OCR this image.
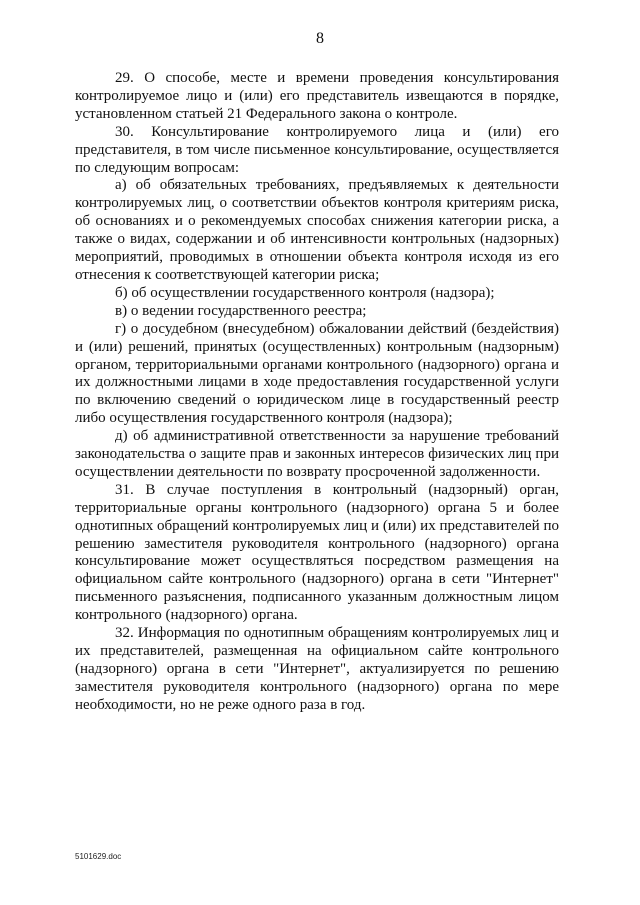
8

29. О способе, месте и времени проведения консультирования контролируемое лицо и (или) его представитель извещаются в порядке, установленном статьей 21 Федерального закона о контроле.

30. Консультирование контролируемого лица и (или) его представителя, в том числе письменное консультирование, осуществляется по следующим вопросам:

а) об обязательных требованиях, предъявляемых к деятельности контролируемых лиц, о соответствии объектов контроля критериям риска, об основаниях и о рекомендуемых способах снижения категории риска, а также о видах, содержании и об интенсивности контрольных (надзорных) мероприятий, проводимых в отношении объекта контроля исходя из его отнесения к соответствующей категории риска;

б) об осуществлении государственного контроля (надзора);

в) о ведении государственного реестра;

г) о досудебном (внесудебном) обжаловании действий (бездействия) и (или) решений, принятых (осуществленных) контрольным (надзорным) органом, территориальными органами контрольного (надзорного) органа и их должностными лицами в ходе предоставления государственной услуги по включению сведений о юридическом лице в государственный реестр либо осуществления государственного контроля (надзора);

д) об административной ответственности за нарушение требований законодательства о защите прав и законных интересов физических лиц при осуществлении деятельности по возврату просроченной задолженности.

31. В случае поступления в контрольный (надзорный) орган, территориальные органы контрольного (надзорного) органа 5 и более однотипных обращений контролируемых лиц и (или) их представителей по решению заместителя руководителя контрольного (надзорного) органа консультирование может осуществляться посредством размещения на официальном сайте контрольного (надзорного) органа в сети "Интернет" письменного разъяснения, подписанного указанным должностным лицом контрольного (надзорного) органа.

32. Информация по однотипным обращениям контролируемых лиц и их представителей, размещенная на официальном сайте контрольного (надзорного) органа в сети "Интернет", актуализируется по решению заместителя руководителя контрольного (надзорного) органа по мере необходимости, но не реже одного раза в год.

5101629.doc
